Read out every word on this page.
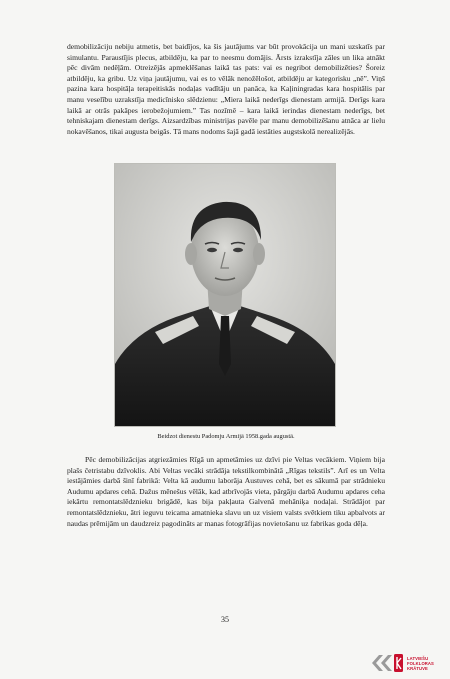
demobilizāciju nebiju atmetis, bet baidījos, ka šis jautājums var būt provokācija un mani uzskatīs par simulantu. Paraustījis plecus, atbildēju, ka par to neesmu domājis. Ārsts izrakstīja zāles un lika atnākt pēc divām nedēļām. Otreizējās apmeklēšanas laikā tas pats: vai es negribot demobilizēties? Šoreiz atbildēju, ka gribu. Uz viņa jautājumu, vai es to vēlāk nenožēlošot, atbildēju ar kategorisku „nē”. Viņš pazina kara hospitāļa terapeitiskās nodaļas vadītāju un panāca, ka Kaļiningradas kara hospitālis par manu veselību uzrakstīja medicīnisko slēdzienu: „Miera laikā nederīgs dienestam armijā. Derīgs kara laikā ar otrās pakāpes ierobežojumiem.” Tas nozīmē – kara laikā ierindas dienestam nederīgs, bet tehniskajam dienestam derīgs. Aizsardzības ministrijas pavēle par manu demobilizēšanu atnāca ar lielu nokavēšanos, tikai augusta beigās. Tā mans nodoms šajā gadā iestāties augstskolā nerealizējās.

Beidzot dienestu Padomju Armijā 1958.gada augustā.

Pēc demobilizācijas atgriezāmies Rīgā un apmetāmies uz dzīvi pie Veltas vecākiem. Viņiem bija plašs četristabu dzīvoklis. Abi Veltas vecāki strādāja tekstilkombinātā „Rīgas tekstils”. Arī es un Velta iestājāmies darbā šinī fabrikā: Velta kā audumu laborāja Austuves cehā, bet es sākumā par strādnieku Audumu apdares cehā. Dažus mēnešus vēlāk, kad atbrīvojās vieta, pārgāju darbā Audumu apdares ceha iekārtu remontatslēdznieku brigādē, kas bija pakļauta Galvenā mehāniķa nodaļai. Strādājot par remontatslēdznieku, ātri ieguvu teicama amatnieka slavu un uz visiem valsts svētkiem tiku apbalvots ar naudas prēmijām un daudzreiz pagodināts ar manas fotogrāfijas novietošanu uz fabrikas goda dēļa.

35
LATVIEŠU
FOLKLORAS
KRĀTUVE
